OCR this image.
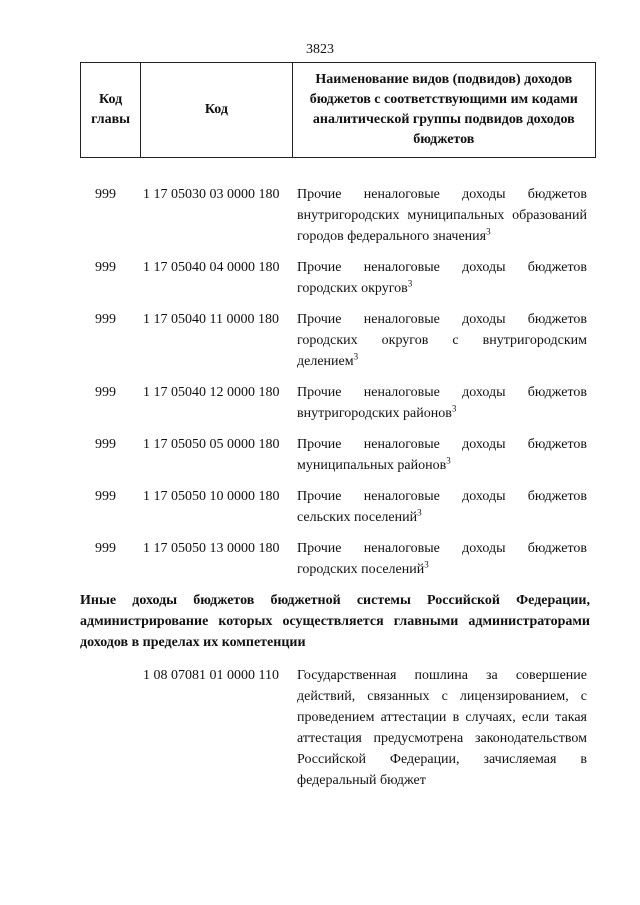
3823
Код главы	Код	Наименование видов (подвидов) доходов бюджетов с соответствующими им кодами аналитической группы подвидов доходов бюджетов
999 1 17 05030 03 0000 180 Прочие неналоговые доходы бюджетов внутригородских муниципальных образований городов федерального значения$^3$
999 1 17 05040 04 0000 180 Прочие неналоговые доходы бюджетов городских округов$^3$
999 1 17 05040 11 0000 180 Прочие неналоговые доходы бюджетов городских округов с внутригородским делением$^3$
999 1 17 05040 12 0000 180 Прочие неналоговые доходы бюджетов внутригородских районов$^3$
999 1 17 05050 05 0000 180 Прочие неналоговые доходы бюджетов муниципальных районов$^3$
999 1 17 05050 10 0000 180 Прочие неналоговые доходы бюджетов сельских поселений$^3$
999 1 17 05050 13 0000 180 Прочие неналоговые доходы бюджетов городских поселений$^3$
Иные доходы бюджетов бюджетной системы Российской Федерации, администрирование которых осуществляется главными администраторами доходов в пределах их компетенции
1 08 07081 01 0000 110 Государственная пошлина за совершение действий, связанных с лицензированием, с проведением аттестации в случаях, если такая аттестация предусмотрена законодательством Российской Федерации, зачисляемая в федеральный бюджет
